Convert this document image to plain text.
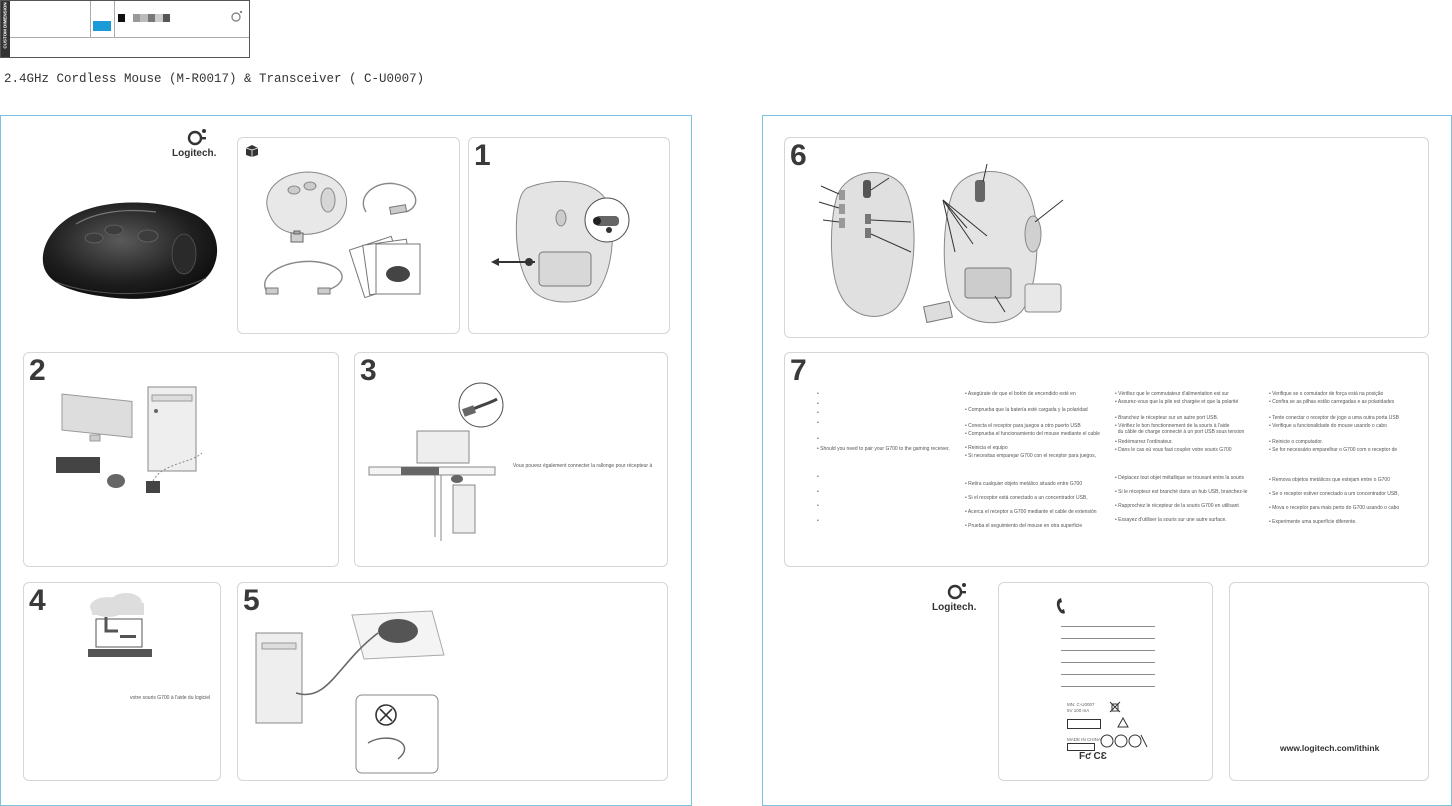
CUSTOM DIMENSION
2.4GHz Cordless Mouse (M-R0017) & Transceiver ( C-U0007)
Logitech.	1
2	3
Vous pouvez également connecter la rallonge pour récepteur à
4
votre souris G700 à l'aide du logiciel
5
6
7
•
•
•
•
•
• Should you need to pair your G700 to the gaming receiver,
•
•
•
•
• Asegúrate de que el botón de encendido esté en
• Comprueba que la batería esté cargada y la polaridad
• Conecta el receptor para juegos a otro puerto USB
• Comprueba el funcionamiento del mouse mediante el cable
• Reinicia el equipo
• Si necesitas emparejar G700 con el receptor para juegos,
• Retira cualquier objeto metálico situado entre G700
• Si el receptor está conectado a un concentrador USB,
• Acerca el receptor a G700 mediante el cable de extensión
• Prueba el seguimiento del mouse en otra superficie
• Vérifiez que le commutateur d'alimentation est sur
• Assurez-vous que la pile est chargée et que la polarité
• Branchez le récepteur sur un autre port USB.
• Vérifiez le bon fonctionnement de la souris à l'aide
du câble de charge connecté à un port USB sous tension
• Redémarrez l'ordinateur.
• Dans le cas où vous faut coupler votre souris G700
• Déplacez tout objet métallique se trouvant entre la souris
• Si le récepteur est branché dans un hub USB, branchez-le
• Rapprochez le récepteur de la souris G700 en utilisant
• Essayez d'utiliser la souris sur une autre surface.
• Verifique se o comutador de força está na posição
• Confira se as pilhas estão carregadas e as polaridades
• Tente conectar o receptor de jogo a uma outra porta USB
• Verifique a funcionalidade do mouse usando o cabo
• Reinicie o computador.
• Se for necessário emparelhar o G700 com o receptor de
• Remova objetos metálicos que estejam entre o G700
• Se o receptor estiver conectado a um concentrador USB,
• Mova o receptor para mais perto do G700 usando o cabo
• Experimente uma superfície diferente.
Logitech.
MN: C-U0007
5V 100 mA
MADE IN CHINA
Fƈ CƐ
www.logitech.com/ithink
